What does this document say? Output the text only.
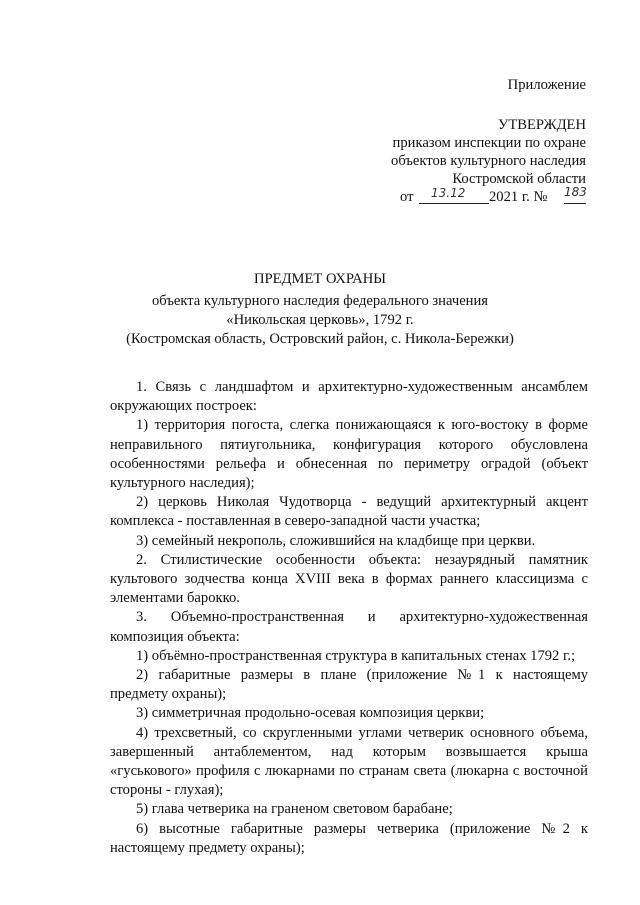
Приложение
УТВЕРЖДЕН
приказом инспекции по охране
объектов культурного наследия
Костромской области
от 13.12 2021 г. № 183
ПРЕДМЕТ ОХРАНЫ
объекта культурного наследия федерального значения
«Никольская церковь», 1792 г.
(Костромская область, Островский район, с. Никола-Бережки)

1. Связь с ландшафтом и архитектурно-художественным ансамблем окружающих построек:

1) территория погоста, слегка понижающаяся к юго-востоку в форме неправильного пятиугольника, конфигурация которого обусловлена особенностями рельефа и обнесенная по периметру оградой (объект культурного наследия);

2) церковь Николая Чудотворца - ведущий архитектурный акцент комплекса - поставленная в северо-западной части участка;

3) семейный некрополь, сложившийся на кладбище при церкви.

2. Стилистические особенности объекта: незаурядный памятник культового зодчества конца XVIII века в формах раннего классицизма с элементами барокко.

3. Объемно-пространственная и архитектурно-художественная композиция объекта:

1) объёмно-пространственная структура в капитальных стенах 1792 г.;

2) габаритные размеры в плане (приложение №1 к настоящему предмету охраны);

3) симметричная продольно-осевая композиция церкви;

4) трехсветный, со скругленными углами четверик основного объема, завершенный антаблементом, над которым возвышается крыша «гуськового» профиля с люкарнами по странам света (люкарна с восточной стороны - глухая);

5) глава четверика на граненом световом барабане;

6) высотные габаритные размеры четверика (приложение №2 к настоящему предмету охраны);
